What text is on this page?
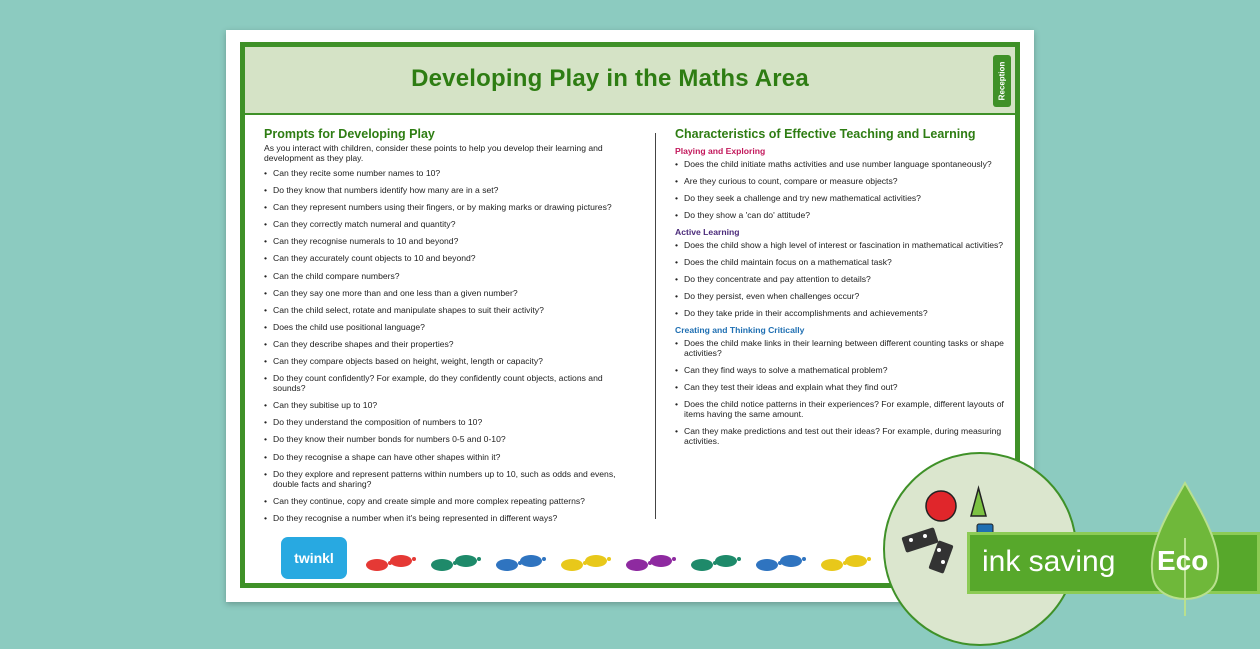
Developing Play in the Maths Area	Reception
Prompts for Developing Play
As you interact with children, consider these points to help you develop their learning and development as they play.
• Can they recite some number names to 10?
• Do they know that numbers identify how many are in a set?
• Can they represent numbers using their fingers, or by making marks or drawing pictures?
• Can they correctly match numeral and quantity?
• Can they recognise numerals to 10 and beyond?
• Can they accurately count objects to 10 and beyond?
• Can the child compare numbers?
• Can they say one more than and one less than a given number?
• Can the child select, rotate and manipulate shapes to suit their activity?
• Does the child use positional language?
• Can they describe shapes and their properties?
• Can they compare objects based on height, weight, length or capacity?
• Do they count confidently? For example, do they confidently count objects, actions and sounds?
• Can they subitise up to 10?
• Do they understand the composition of numbers to 10?
• Do they know their number bonds for numbers 0-5 and 0-10?
• Do they recognise a shape can have other shapes within it?
• Do they explore and represent patterns within numbers up to 10, such as odds and evens, double facts and sharing?
• Can they continue, copy and create simple and more complex repeating patterns?
• Do they recognise a number when it's being represented in different ways?
Characteristics of Effective Teaching and Learning
Playing and Exploring
• Does the child initiate maths activities and use number language spontaneously?
• Are they curious to count, compare or measure objects?
• Do they seek a challenge and try new mathematical activities?
• Do they show a 'can do' attitude?
Active Learning
• Does the child show a high level of interest or fascination in mathematical activities?
• Does the child maintain focus on a mathematical task?
• Do they concentrate and pay attention to details?
• Do they persist, even when challenges occur?
• Do they take pride in their accomplishments and achievements?
Creating and Thinking Critically
• Does the child make links in their learning between different counting tasks or shape activities?
• Can they find ways to solve a mathematical problem?
• Can they test their ideas and explain what they find out?
• Does the child notice patterns in their experiences? For example, different layouts of items having the same amount.
• Can they make predictions and test out their ideas? For example, during measuring activities.
twinkl	ink saving Eco
